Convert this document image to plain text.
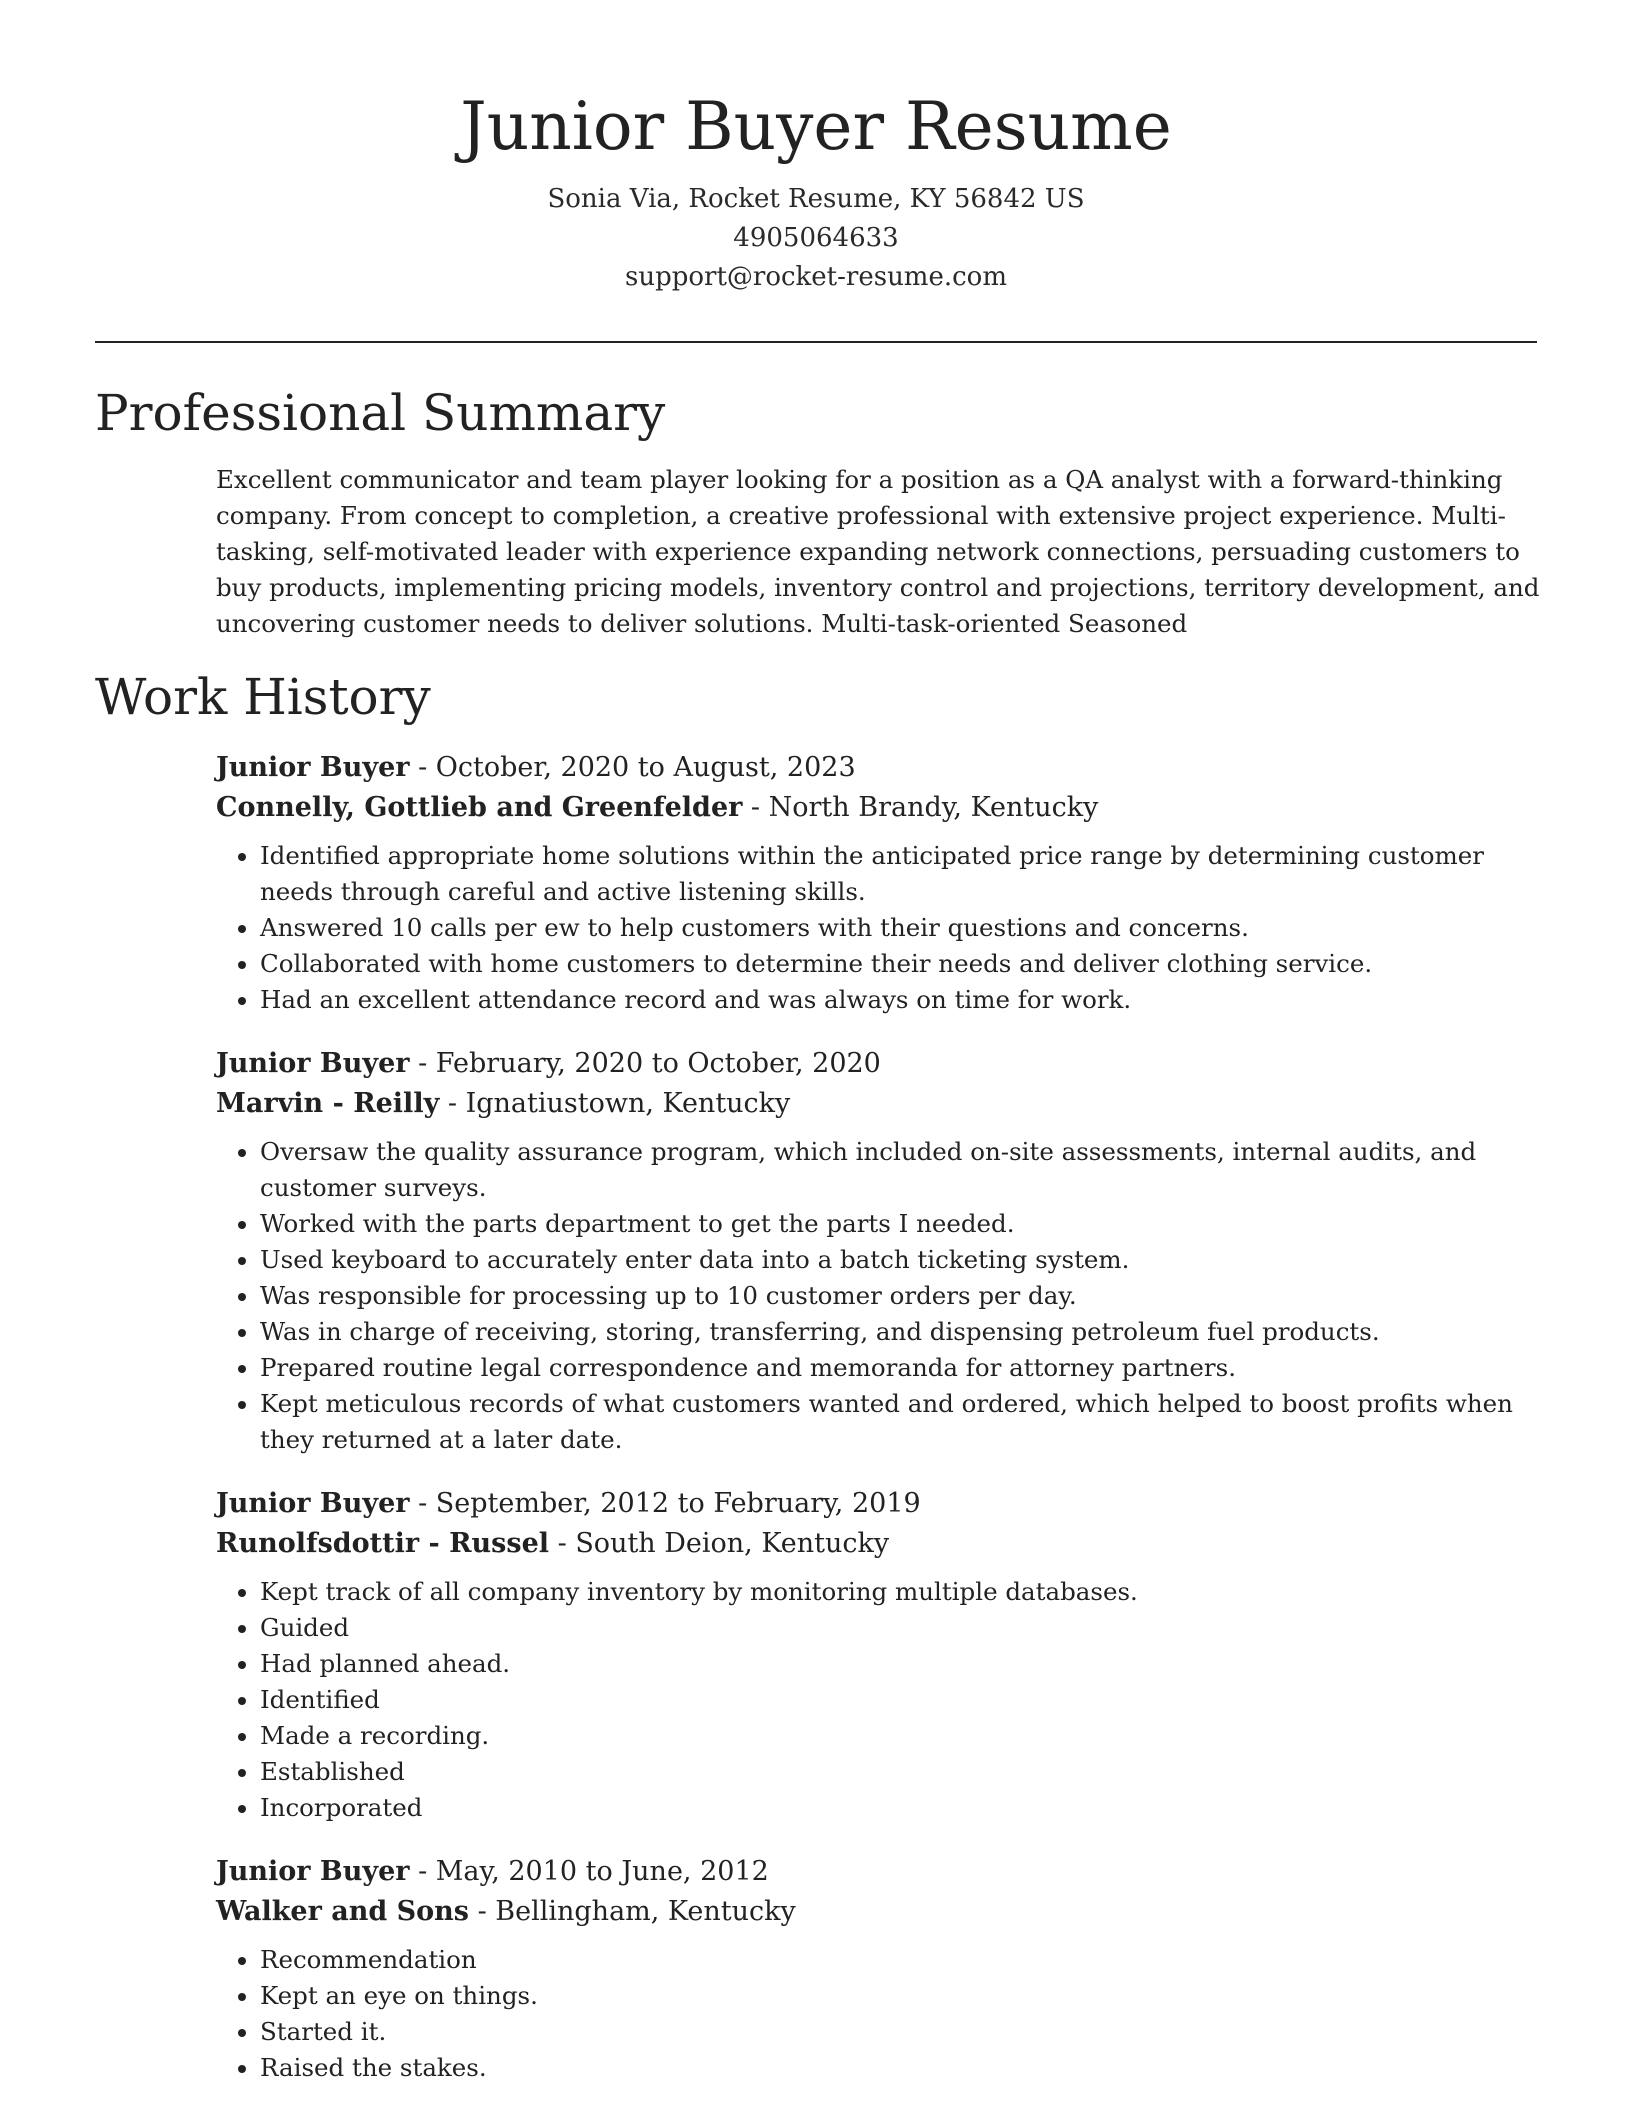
Junior Buyer Resume
Sonia Via, Rocket Resume, KY 56842 US
4905064633
support@rocket-resume.com
Professional Summary
Excellent communicator and team player looking for a position as a QA analyst with a forward-thinking company. From concept to completion, a creative professional with extensive project experience. Multi-tasking, self-motivated leader with experience expanding network connections, persuading customers to buy products, implementing pricing models, inventory control and projections, territory development, and uncovering customer needs to deliver solutions. Multi-task-oriented Seasoned
Work History
Junior Buyer - October, 2020 to August, 2023
Connelly, Gottlieb and Greenfelder - North Brandy, Kentucky
• Identified appropriate home solutions within the anticipated price range by determining customer needs through careful and active listening skills.
• Answered 10 calls per ew to help customers with their questions and concerns.
• Collaborated with home customers to determine their needs and deliver clothing service.
• Had an excellent attendance record and was always on time for work.
Junior Buyer - February, 2020 to October, 2020
Marvin - Reilly - Ignatiustown, Kentucky
• Oversaw the quality assurance program, which included on-site assessments, internal audits, and customer surveys.
• Worked with the parts department to get the parts I needed.
• Used keyboard to accurately enter data into a batch ticketing system.
• Was responsible for processing up to 10 customer orders per day.
• Was in charge of receiving, storing, transferring, and dispensing petroleum fuel products.
• Prepared routine legal correspondence and memoranda for attorney partners.
• Kept meticulous records of what customers wanted and ordered, which helped to boost profits when they returned at a later date.
Junior Buyer - September, 2012 to February, 2019
Runolfsdottir - Russel - South Deion, Kentucky
• Kept track of all company inventory by monitoring multiple databases.
• Guided
• Had planned ahead.
• Identified
• Made a recording.
• Established
• Incorporated
Junior Buyer - May, 2010 to June, 2012
Walker and Sons - Bellingham, Kentucky
• Recommendation
• Kept an eye on things.
• Started it.
• Raised the stakes.
